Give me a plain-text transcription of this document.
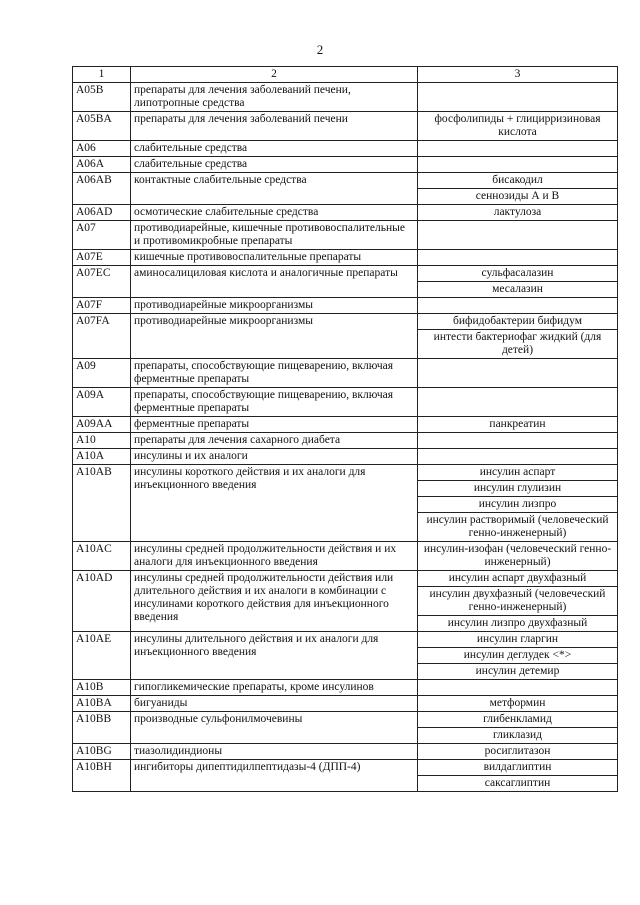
2
1	2	3
A05B	препараты для лечения заболеваний печени, липотропные средства	
A05BA	препараты для лечения заболеваний печени	фосфолипиды + глицирризиновая кислота
A06	слабительные средства	
A06A	слабительные средства	
A06AB	контактные слабительные средства	бисакодил
		сеннозиды А и В
A06AD	осмотические слабительные средства	лактулоза
A07	противодиарейные, кишечные противовоспалительные и противомикробные препараты	
A07E	кишечные противовоспалительные препараты	
A07EC	аминосалициловая кислота и аналогичные препараты	сульфасалазин
		месалазин
A07F	противодиарейные микроорганизмы	
A07FA	противодиарейные микроорганизмы	бифидобактерии бифидум
		интести бактериофаг жидкий (для детей)
A09	препараты, способствующие пищеварению, включая ферментные препараты	
A09A	препараты, способствующие пищеварению, включая ферментные препараты	
A09AA	ферментные препараты	панкреатин
A10	препараты для лечения сахарного диабета	
A10A	инсулины и их аналоги	
A10AB	инсулины короткого действия и их аналоги для инъекционного введения	инсулин аспарт
		инсулин глулизин
		инсулин лизпро
		инсулин растворимый (человеческий генно-инженерный)
A10AC	инсулины средней продолжительности действия и их аналоги для инъекционного введения	инсулин-изофан (человеческий генно-инженерный)
A10AD	инсулины средней продолжительности действия или длительного действия и их аналоги в комбинации с инсулинами короткого действия для инъекционного введения	инсулин аспарт двухфазный
		инсулин двухфазный (человеческий генно-инженерный)
		инсулин лизпро двухфазный
A10AE	инсулины длительного действия и их аналоги для инъекционного введения	инсулин гларгин
		инсулин деглудек <*>
		инсулин детемир
A10B	гипогликемические препараты, кроме инсулинов	
A10BA	бигуаниды	метформин
A10BB	производные сульфонилмочевины	глибенкламид
		гликлазид
A10BG	тиазолидиндионы	росиглитазон
A10BH	ингибиторы дипептидилпептидазы-4 (ДПП-4)	вилдаглиптин
		саксаглиптин
